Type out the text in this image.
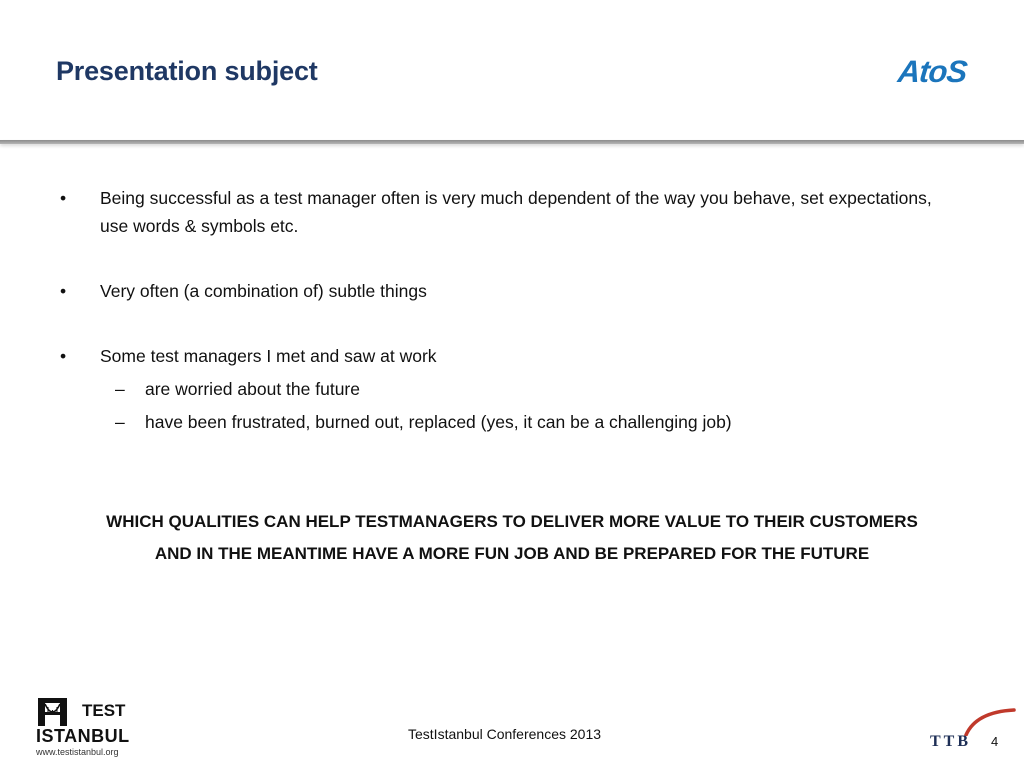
Presentation subject	AtoS
• Being successful as a test manager often is very much dependent of the way you behave, set expectations, use words & symbols etc.
• Very often (a combination of) subtle things
• Some test managers I met and saw at work
– are worried about the future
– have been frustrated, burned out, replaced (yes, it can be a challenging job)
WHICH QUALITIES CAN HELP TESTMANAGERS TO DELIVER MORE VALUE TO THEIR CUSTOMERS
AND IN THE MEANTIME HAVE A MORE FUN JOB AND BE PREPARED FOR THE FUTURE
TEST
ISTANBUL
www.testistanbul.org
TestIstanbul Conferences 2013	TTB 4
